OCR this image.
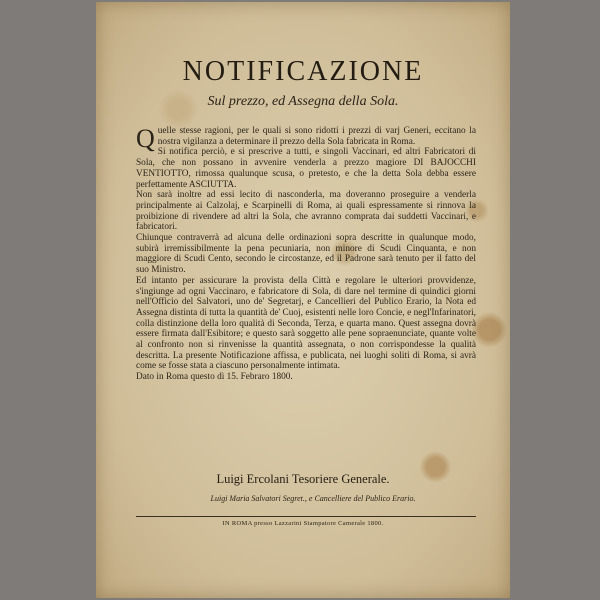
NOTIFICAZIONE
Sul prezzo, ed Assegna della Sola.

Quelle stesse ragioni, per le quali si sono ridotti i prezzi di varj Generi, eccitano la nostra vigilanza a determinare il prezzo della Sola fabricata in Roma.

Si notifica perciò, e si prescrive a tutti, e singoli Vaccinari, ed altri Fabricatori di Sola, che non possano in avvenire venderla a prezzo magiore DI BAJOCCHI VENTIOTTO, rimossa qualunque scusa, o pretesto, e che la detta Sola debba essere perfettamente ASCIUTTA.

Non sarà inoltre ad essi lecito di nasconderla, ma doveranno proseguire a venderla principalmente ai Calzolaj, e Scarpinelli di Roma, ai quali espressamente si rinnova la proibizione di rivendere ad altri la Sola, che avranno comprata dai suddetti Vaccinari, e fabricatori.

Chiunque contraverrà ad alcuna delle ordinazioni sopra descritte in qualunque modo, subirà irremissibilmente la pena pecuniaria, non minore di Scudi Cinquanta, e non maggiore di Scudi Cento, secondo le circostanze, ed il Padrone sarà tenuto per il fatto del suo Ministro.

Ed intanto per assicurare la provista della Città e regolare le ulteriori provvidenze, s'ingiunge ad ogni Vaccinaro, e fabricatore di Sola, di dare nel termine di quindici giorni nell'Officio del Salvatori, uno de' Segretarj, e Cancellieri del Publico Erario, la Nota ed Assegna distinta di tutta la quantità de' Cuoj, esistenti nelle loro Concie, e negl'Infarinatori, colla distinzione della loro qualità di Seconda, Terza, e quarta mano. Quest assegna dovrà essere firmata dall'Esibitore; e questo sarà soggetto alle pene sopraenunciate, quante volte al confronto non si rinvenisse la quantità assegnata, o non corrispondesse la qualità descritta. La presente Notificazione affissa, e publicata, nei luoghi soliti di Roma, si avrà come se fosse stata a ciascuno personalmente intimata.

Dato in Roma questo dì 15. Febraro 1800.

Luigi Ercolani Tesoriere Generale.
Luigi Maria Salvatori Segret., e Cancelliere del Publico Erario.
IN ROMA presso Lazzarini Stampatore Camerale 1800.
